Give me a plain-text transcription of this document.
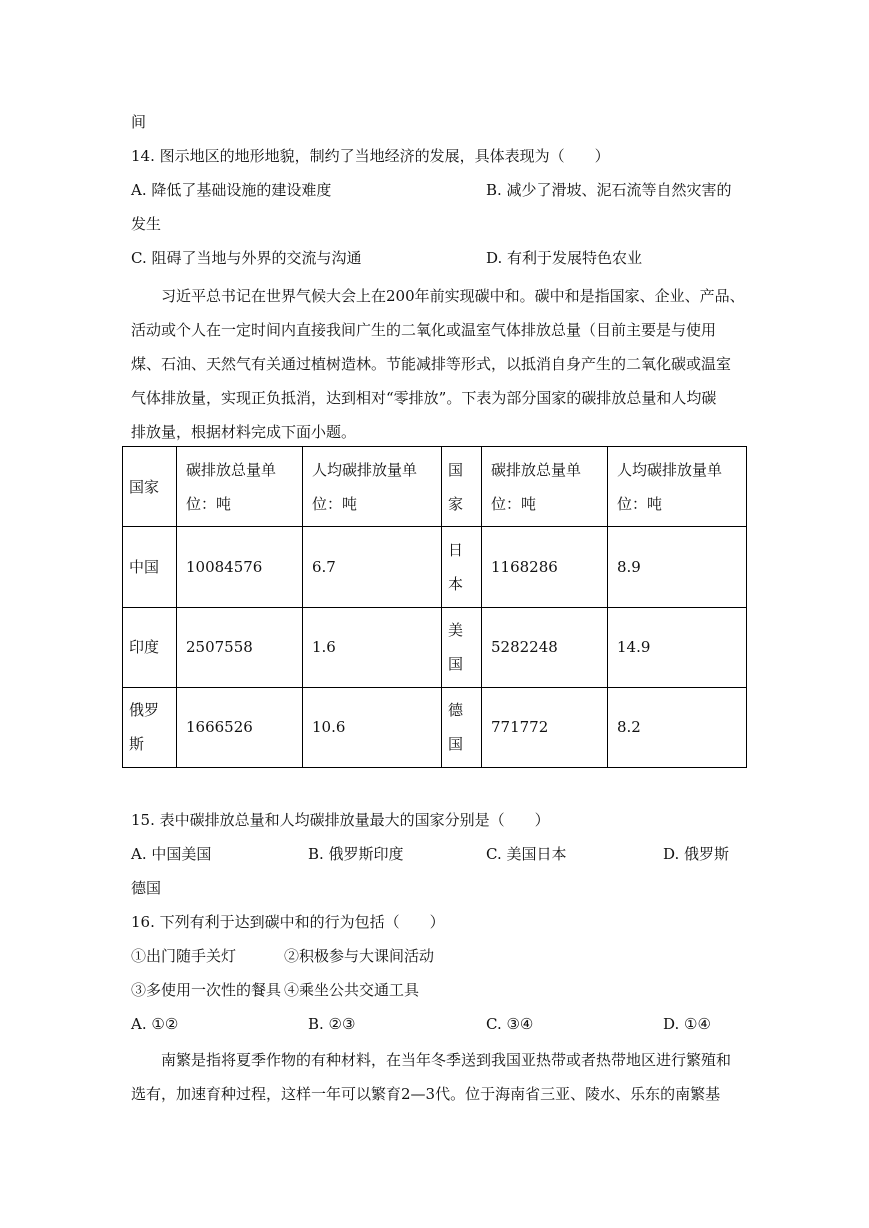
间
14. 图示地区的地形地貌，制约了当地经济的发展，具体表现为（　　）
A. 降低了基础设施的建设难度	B. 减少了滑坡、泥石流等自然灾害的
发生
C. 阻碍了当地与外界的交流与沟通	D. 有利于发展特色农业
习近平总书记在世界气候大会上在200年前实现碳中和。碳中和是指国家、企业、产品、
活动或个人在一定时间内直接我间广生的二氧化或温室气体排放总量（目前主要是与使用
煤、石油、天然气有关通过植树造林。节能减排等形式，以抵消自身产生的二氧化碳或温室
气体排放量，实现正负抵消，达到相对“零排放”。下表为部分国家的碳排放总量和人均碳
排放量，根据材料完成下面小题。
国家	碳排放总量单位：吨	人均碳排放量单位：吨	国家	碳排放总量单位：吨	人均碳排放量单位：吨
中国	10084576	6.7	日本	1168286	8.9
印度	2507558	1.6	美国	5282248	14.9
俄罗斯	1666526	10.6	德国	771772	8.2
15. 表中碳排放总量和人均碳排放量最大的国家分别是（　　）
A. 中国美国	B. 俄罗斯印度	C. 美国日本	D. 俄罗斯
德国
16. 下列有利于达到碳中和的行为包括（　　）
①出门随手关灯	②积极参与大课间活动
③多使用一次性的餐具 ④乘坐公共交通工具
A. ①②	B. ②③	C. ③④	D. ①④
南繁是指将夏季作物的有种材料，在当年冬季送到我国亚热带或者热带地区进行繁殖和
选有，加速育种过程，这样一年可以繁育2—3代。位于海南省三亚、陵水、乐东的南繁基
